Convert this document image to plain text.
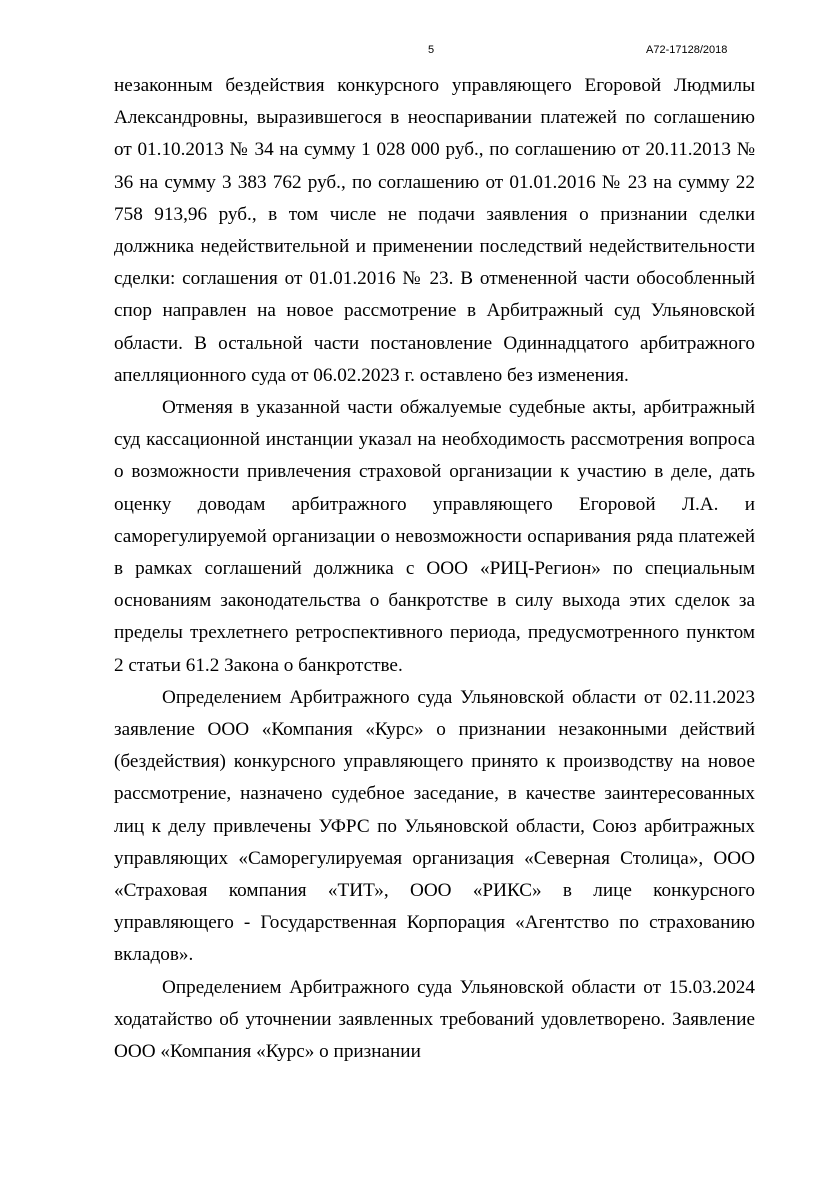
5	А72-17128/2018

незаконным бездействия конкурсного управляющего Егоровой Людмилы Александровны, выразившегося в неоспаривании платежей по соглашению от 01.10.2013 № 34 на сумму 1 028 000 руб., по соглашению от 20.11.2013 № 36 на сумму 3 383 762 руб., по соглашению от 01.01.2016 № 23 на сумму 22 758 913,96 руб., в том числе не подачи заявления о признании сделки должника недействительной и применении последствий недействительности сделки: соглашения от 01.01.2016 № 23. В отмененной части обособленный спор направлен на новое рассмотрение в Арбитражный суд Ульяновской области. В остальной части постановление Одиннадцатого арбитражного апелляционного суда от 06.02.2023 г. оставлено без изменения.

Отменяя в указанной части обжалуемые судебные акты, арбитражный суд кассационной инстанции указал на необходимость рассмотрения вопроса о возможности привлечения страховой организации к участию в деле, дать оценку доводам арбитражного управляющего Егоровой Л.А. и саморегулируемой организации о невозможности оспаривания ряда платежей в рамках соглашений должника с ООО «РИЦ-Регион» по специальным основаниям законодательства о банкротстве в силу выхода этих сделок за пределы трехлетнего ретроспективного периода, предусмотренного пунктом 2 статьи 61.2 Закона о банкротстве.

Определением Арбитражного суда Ульяновской области от 02.11.2023 заявление ООО «Компания «Курс» о признании незаконными действий (бездействия) конкурсного управляющего принято к производству на новое рассмотрение, назначено судебное заседание, в качестве заинтересованных лиц к делу привлечены УФРС по Ульяновской области, Союз арбитражных управляющих «Саморегулируемая организация «Северная Столица», ООО «Страховая компания «ТИТ», ООО «РИКС» в лице конкурсного управляющего - Государственная Корпорация «Агентство по страхованию вкладов».

Определением Арбитражного суда Ульяновской области от 15.03.2024 ходатайство об уточнении заявленных требований удовлетворено. Заявление ООО «Компания «Курс» о признании
